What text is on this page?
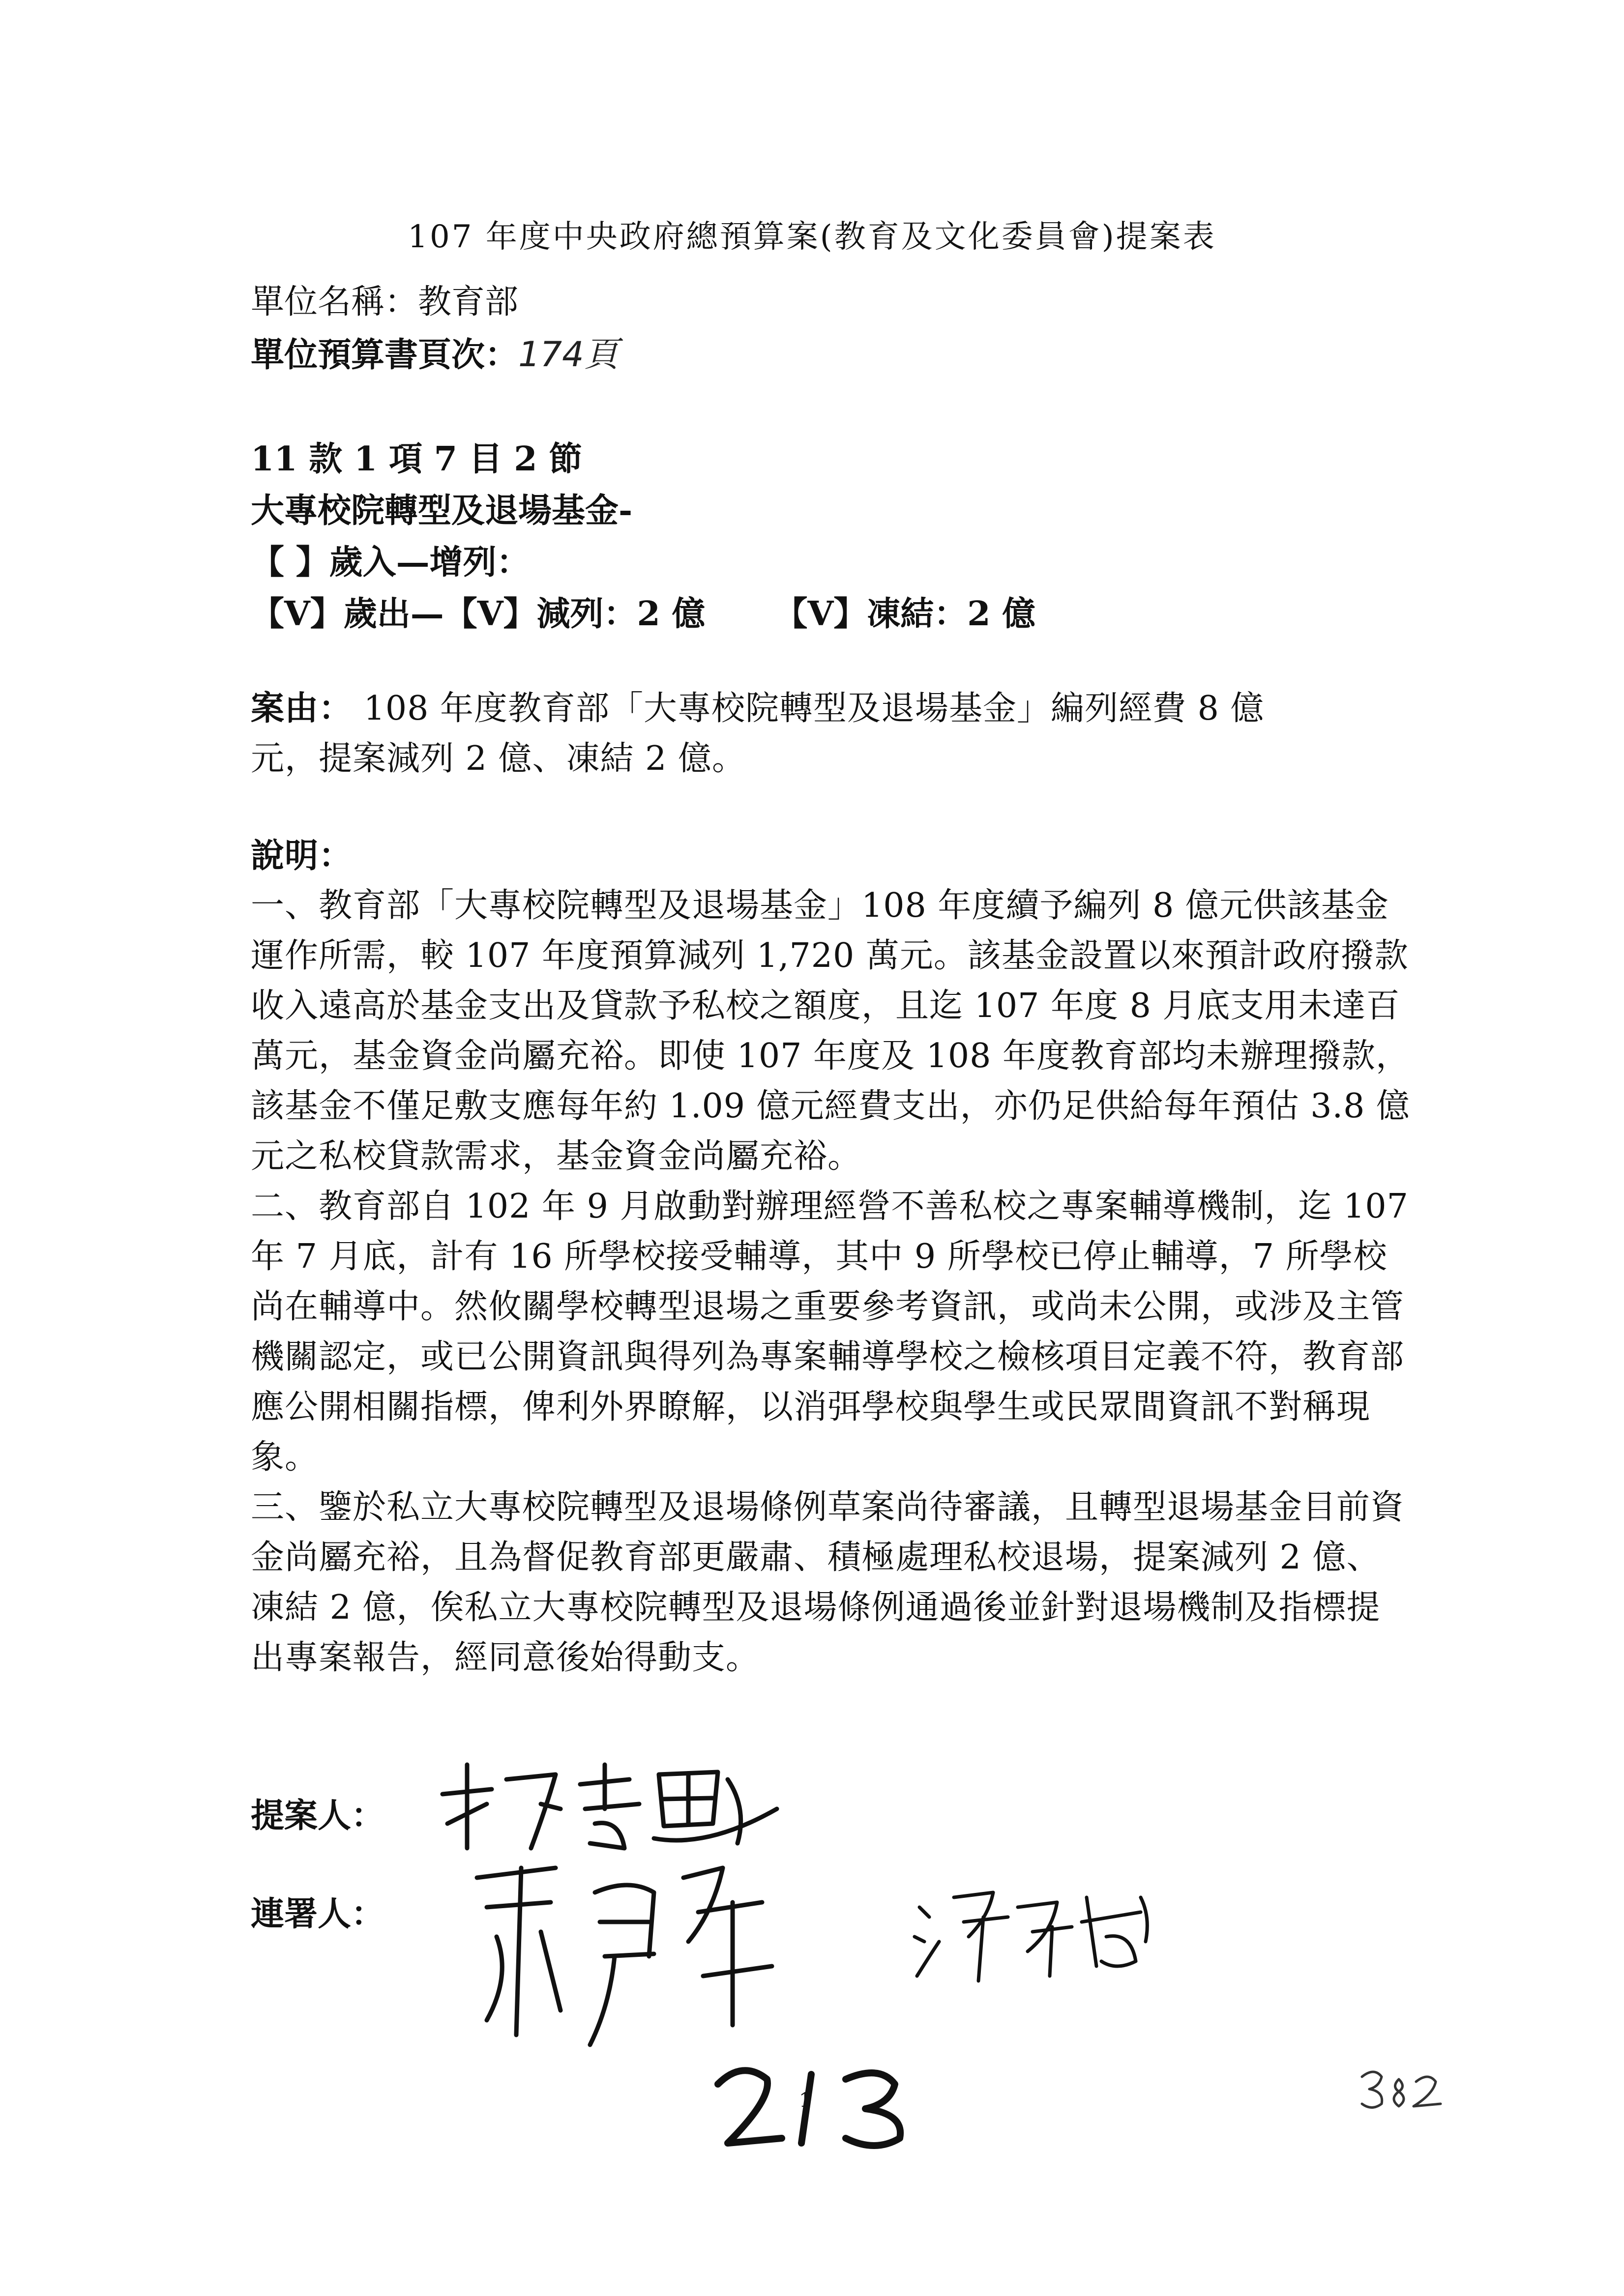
107 年度中央政府總預算案(教育及文化委員會)提案表
單位名稱：教育部
單位預算書頁次：174頁
11 款 1 項 7 目 2 節
大專校院轉型及退場基金-
【 】歲入—增列：
【V】歲出—【V】減列：2 億 【V】凍結：2 億

案由： 108 年度教育部「大專校院轉型及退場基金」編列經費 8 億

元，提案減列 2 億、凍結 2 億。

說明：

一、教育部「大專校院轉型及退場基金」108 年度續予編列 8 億元供該基金運作所需，較 107 年度預算減列 1,720 萬元。該基金設置以來預計政府撥款收入遠高於基金支出及貸款予私校之額度，且迄 107 年度 8 月底支用未達百萬元，基金資金尚屬充裕。即使 107 年度及 108 年度教育部均未辦理撥款，該基金不僅足敷支應每年約 1.09 億元經費支出，亦仍足供給每年預估 3.8 億元之私校貸款需求，基金資金尚屬充裕。

二、教育部自 102 年 9 月啟動對辦理經營不善私校之專案輔導機制，迄 107 年 7 月底，計有 16 所學校接受輔導，其中 9 所學校已停止輔導，7 所學校尚在輔導中。然攸關學校轉型退場之重要參考資訊，或尚未公開，或涉及主管機關認定，或已公開資訊與得列為專案輔導學校之檢核項目定義不符，教育部應公開相關指標，俾利外界瞭解，以消弭學校與學生或民眾間資訊不對稱現象。

三、鑒於私立大專校院轉型及退場條例草案尚待審議，且轉型退場基金目前資金尚屬充裕，且為督促教育部更嚴肅、積極處理私校退場，提案減列 2 億、凍結 2 億，俟私立大專校院轉型及退場條例通過後並針對退場機制及指標提出專案報告，經同意後始得動支。

提案人：
連署人：
1
